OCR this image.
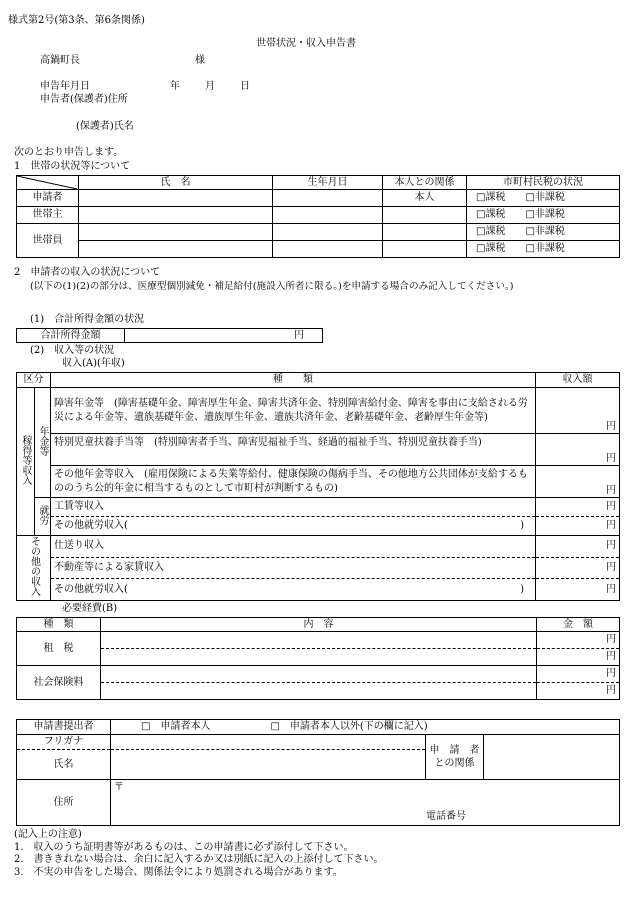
様式第2号(第3条、第6条関係)
世帯状況・収入申告書
高鍋町長	様
申告年月日	年	月	日
申告者(保護者)住所
(保護者)氏名
次のとおり申告します。
1　世帯の状況等について
	氏　名	生年月日	本人との関係	市町村民税の状況
申請者			本人	□課税 □非課税
世帯主				□課税 □非課税
世帯員				□課税 □非課税
				□課税 □非課税
2　申請者の収入の状況について
(以下の(1)(2)の部分は、医療型個別減免・補足給付(施設入所者に限る。)を申請する場合のみ記入してください。)
(1)　合計所得金額の状況
合計所得金額	円
(2)　収入等の状況
収入(A)(年収)
区分		種　　類	収入額
稼得等収入	年金等	障害年金等　(障害基礎年金、障害厚生年金、障害共済年金、特別障害給付金、障害を事由に支給される労災による年金等、遺族基礎年金、遺族厚生年金、遺族共済年金、老齢基礎年金、老齢厚生年金等)	円
		特別児童扶養手当等　(特別障害者手当、障害児福祉手当、経過的福祉手当、特別児童扶養手当)	円
		その他年金等収入　(雇用保険による失業等給付、健康保険の傷病手当、その他地方公共団体が支給するもののうち公的年金に相当するものとして市町村が判断するもの)	円
	就労	工賃等収入	円
		その他就労収入( )	円
その他の収入		仕送り収入	円
		不動産等による家賃収入	円
		その他就労収入( )	円
必要経費(B)
種　類	内　容	金　額
租　税		円
		円
社会保険料		円
		円
申請書提出者	□　申請者本人 □　申請者本人以外(下の欄に記入)		
フリガナ		申　請　者
との関係	
氏名			
住所	〒
電話番号		
(記入上の注意)
1.　収入のうち証明書等があるものは、この申請書に必ず添付して下さい。
2.　書ききれない場合は、余白に記入するか又は別紙に記入の上添付して下さい。
3.　不実の申告をした場合、関係法令により処罰される場合があります。
